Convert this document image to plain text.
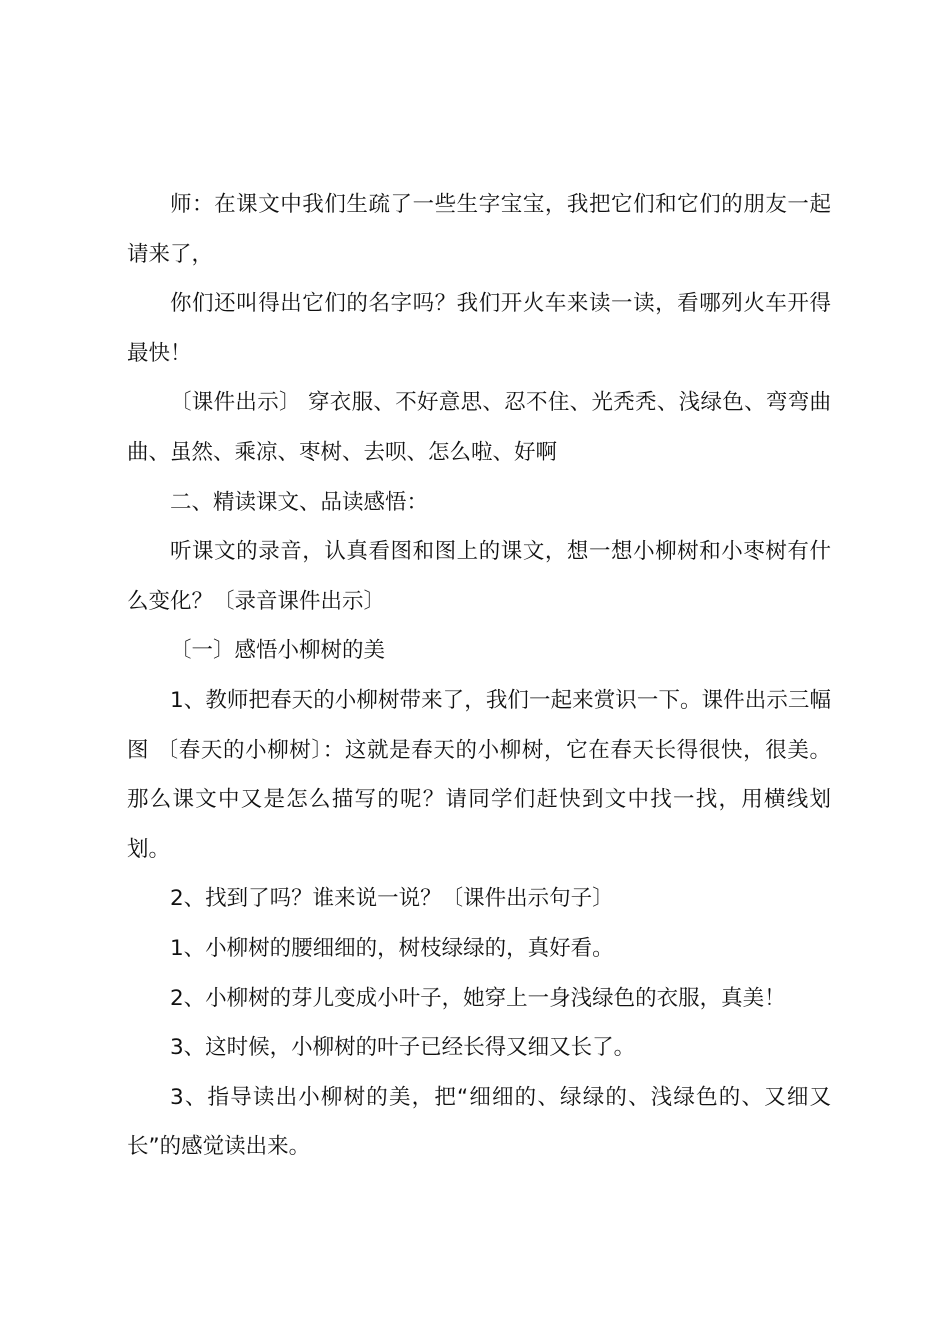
师：在课文中我们生疏了一些生字宝宝，我把它们和它们的朋友一起请来了，

你们还叫得出它们的名字吗？我们开火车来读一读，看哪列火车开得最快！

〔课件出示〕 穿衣服、不好意思、忍不住、光秃秃、浅绿色、弯弯曲曲、虽然、乘凉、枣树、去呗、怎么啦、好啊

二、精读课文、品读感悟：

听课文的录音，认真看图和图上的课文，想一想小柳树和小枣树有什么变化？〔录音课件出示〕

〔一〕感悟小柳树的美

1、教师把春天的小柳树带来了，我们一起来赏识一下。课件出示三幅图 〔春天的小柳树〕：这就是春天的小柳树，它在春天长得很快，很美。那么课文中又是怎么描写的呢？请同学们赶快到文中找一找，用横线划划。

2、找到了吗？谁来说一说？〔课件出示句子〕

1、小柳树的腰细细的，树枝绿绿的，真好看。

2、小柳树的芽儿变成小叶子，她穿上一身浅绿色的衣服，真美！

3、这时候，小柳树的叶子已经长得又细又长了。

3、指导读出小柳树的美，把“细细的、绿绿的、浅绿色的、又细又长”的感觉读出来。
